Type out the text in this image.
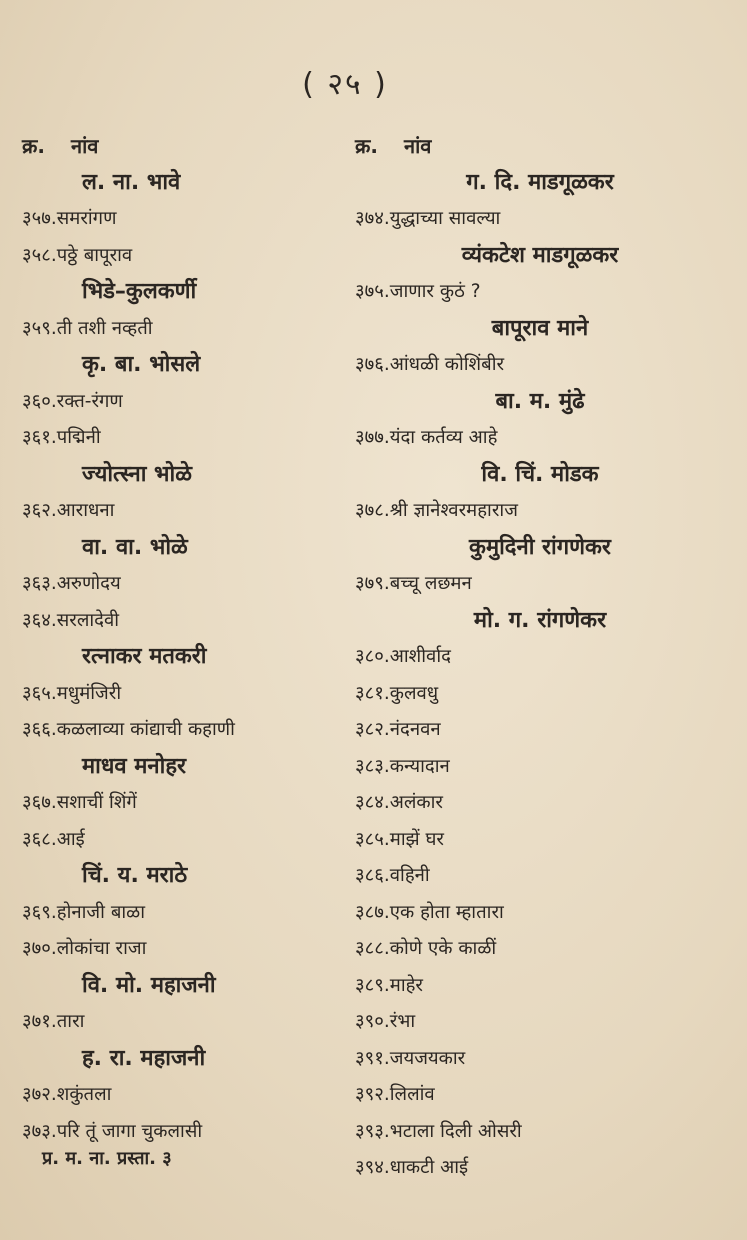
( २५ )
क्र. नांव
ल. ना. भावे
३५७.समरांगण
३५८.पठ्ठे बापूराव
भिडे–कुलकर्णी
३५९.ती तशी नव्हती
कृ. बा. भोसले
३६०.रक्त-रंगण
३६१.पद्मिनी
ज्योत्स्ना भोळे
३६२.आराधना
वा. वा. भोळे
३६३.अरुणोदय
३६४.सरलादेवी
रत्नाकर मतकरी
३६५.मधुमंजिरी
३६६.कळलाव्या कांद्याची कहाणी
माधव मनोहर
३६७.सशाचीं शिंगें
३६८.आई
चिं. य. मराठे
३६९.होनाजी बाळा
३७०.लोकांचा राजा
वि. मो. महाजनी
३७१.तारा
ह. रा. महाजनी
३७२.शकुंतला
३७३.परि तूं जागा चुकलासी
क्र. नांव
ग. दि. माडगूळकर
३७४.युद्धाच्या सावल्या
व्यंकटेश माडगूळकर
३७५.जाणार कुठं ?
बापूराव माने
३७६.आंधळी कोशिंबीर
बा. म. मुंढे
३७७.यंदा कर्तव्य आहे
वि. चिं. मोडक
३७८.श्री ज्ञानेश्वरमहाराज
कुमुदिनी रांगणेकर
३७९.बच्चू लछमन
मो. ग. रांगणेकर
३८०.आशीर्वाद
३८१.कुलवधु
३८२.नंदनवन
३८३.कन्यादान
३८४.अलंकार
३८५.माझें घर
३८६.वहिनी
३८७.एक होता म्हातारा
३८८.कोणे एके काळीं
३८९.माहेर
३९०.रंभा
३९१.जयजयकार
३९२.लिलांव
३९३.भटाला दिली ओसरी
३९४.धाकटी आई
प्र. म. ना. प्रस्ता. ३
